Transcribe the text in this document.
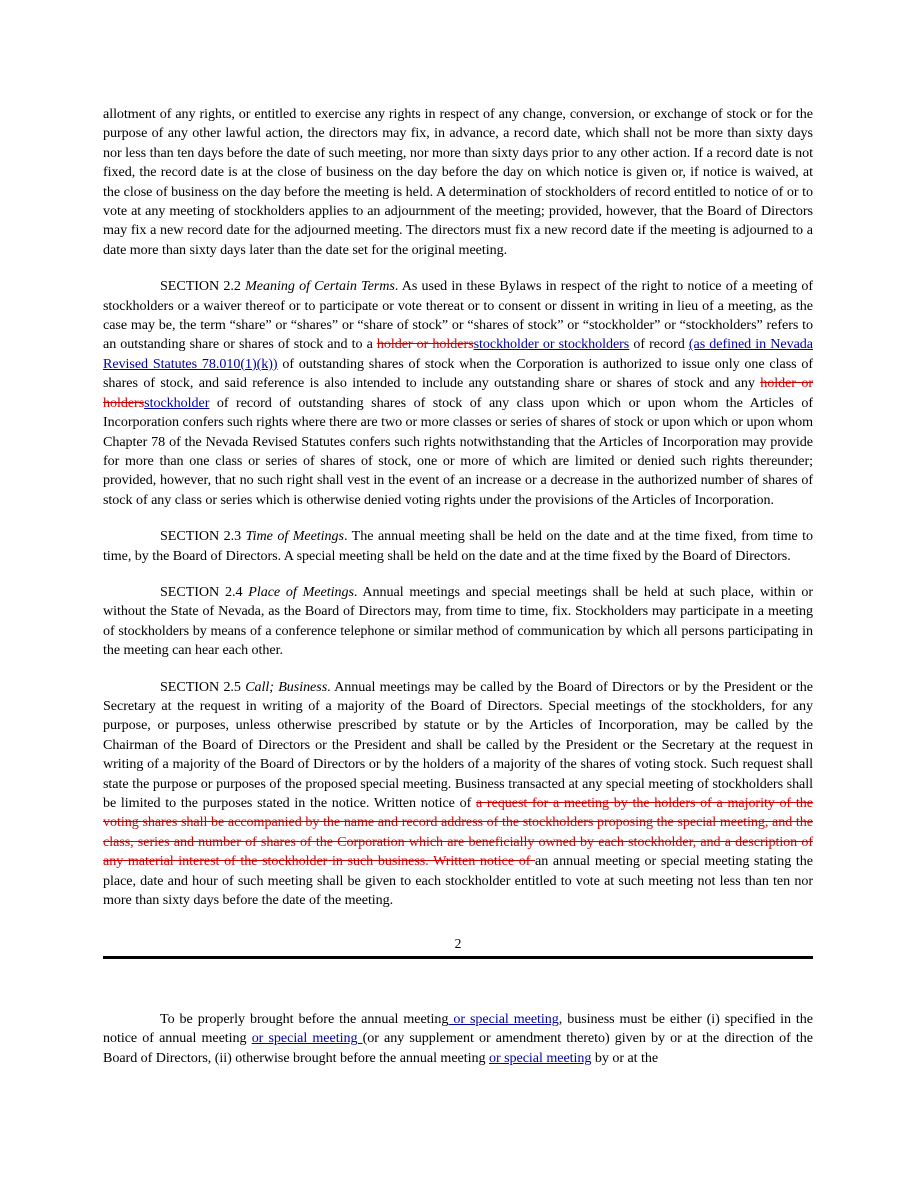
allotment of any rights, or entitled to exercise any rights in respect of any change, conversion, or exchange of stock or for the purpose of any other lawful action, the directors may fix, in advance, a record date, which shall not be more than sixty days nor less than ten days before the date of such meeting, nor more than sixty days prior to any other action. If a record date is not fixed, the record date is at the close of business on the day before the day on which notice is given or, if notice is waived, at the close of business on the day before the meeting is held. A determination of stockholders of record entitled to notice of or to vote at any meeting of stockholders applies to an adjournment of the meeting; provided, however, that the Board of Directors may fix a new record date for the adjourned meeting. The directors must fix a new record date if the meeting is adjourned to a date more than sixty days later than the date set for the original meeting.

SECTION 2.2 Meaning of Certain Terms. As used in these Bylaws in respect of the right to notice of a meeting of stockholders or a waiver thereof or to participate or vote thereat or to consent or dissent in writing in lieu of a meeting, as the case may be, the term “share” or “shares” or “share of stock” or “shares of stock” or “stockholder” or “stockholders” refers to an outstanding share or shares of stock and to a holder or holdersstockholder or stockholders of record (as defined in Nevada Revised Statutes 78.010(1)(k)) of outstanding shares of stock when the Corporation is authorized to issue only one class of shares of stock, and said reference is also intended to include any outstanding share or shares of stock and any holder or holdersstockholder of record of outstanding shares of stock of any class upon which or upon whom the Articles of Incorporation confers such rights where there are two or more classes or series of shares of stock or upon which or upon whom Chapter 78 of the Nevada Revised Statutes confers such rights notwithstanding that the Articles of Incorporation may provide for more than one class or series of shares of stock, one or more of which are limited or denied such rights thereunder; provided, however, that no such right shall vest in the event of an increase or a decrease in the authorized number of shares of stock of any class or series which is otherwise denied voting rights under the provisions of the Articles of Incorporation.

SECTION 2.3 Time of Meetings. The annual meeting shall be held on the date and at the time fixed, from time to time, by the Board of Directors. A special meeting shall be held on the date and at the time fixed by the Board of Directors.

SECTION 2.4 Place of Meetings. Annual meetings and special meetings shall be held at such place, within or without the State of Nevada, as the Board of Directors may, from time to time, fix. Stockholders may participate in a meeting of stockholders by means of a conference telephone or similar method of communication by which all persons participating in the meeting can hear each other.

SECTION 2.5 Call; Business. Annual meetings may be called by the Board of Directors or by the President or the Secretary at the request in writing of a majority of the Board of Directors. Special meetings of the stockholders, for any purpose, or purposes, unless otherwise prescribed by statute or by the Articles of Incorporation, may be called by the Chairman of the Board of Directors or the President and shall be called by the President or the Secretary at the request in writing of a majority of the Board of Directors or by the holders of a majority of the shares of voting stock. Such request shall state the purpose or purposes of the proposed special meeting. Business transacted at any special meeting of stockholders shall be limited to the purposes stated in the notice. Written notice of a request for a meeting by the holders of a majority of the voting shares shall be accompanied by the name and record address of the stockholders proposing the special meeting, and the class, series and number of shares of the Corporation which are beneficially owned by each stockholder, and a description of any material interest of the stockholder in such business. Written notice of an annual meeting or special meeting stating the place, date and hour of such meeting shall be given to each stockholder entitled to vote at such meeting not less than ten nor more than sixty days before the date of the meeting.

2

To be properly brought before the annual meeting or special meeting, business must be either (i) specified in the notice of annual meeting or special meeting (or any supplement or amendment thereto) given by or at the direction of the Board of Directors, (ii) otherwise brought before the annual meeting or special meeting by or at the
